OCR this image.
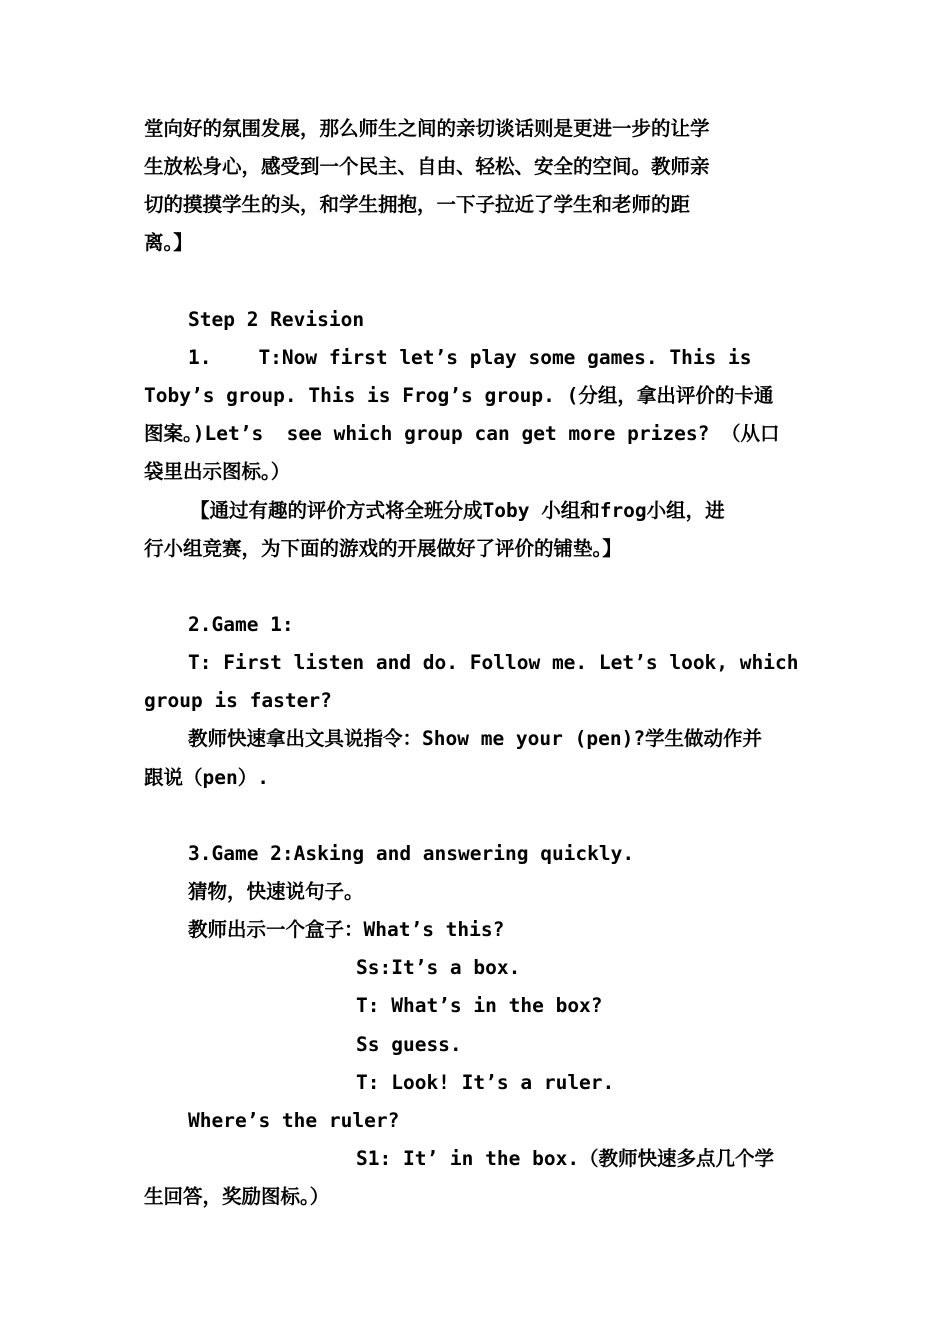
堂向好的氛围发展，那么师生之间的亲切谈话则是更进一步的让学
生放松身心，感受到一个民主、自由、轻松、安全的空间。教师亲
切的摸摸学生的头，和学生拥抱，一下子拉近了学生和老师的距
离。】
Step 2 Revision
1.    T:Now first let’s play some games. This is
Toby’s group. This is Frog’s group. (分组，拿出评价的卡通
图案。)Let’s  see which group can get more prizes? （从口
袋里出示图标。）
【通过有趣的评价方式将全班分成Toby 小组和frog小组，进
行小组竞赛，为下面的游戏的开展做好了评价的铺垫。】
2.Game 1:
T: First listen and do. Follow me. Let’s look, which
group is faster?
教师快速拿出文具说指令：Show me your (pen)?学生做动作并
跟说（pen）.
3.Game 2:Asking and answering quickly.
猜物，快速说句子。
教师出示一个盒子：What’s this?
Ss:It’s a box.
T: What’s in the box?
Ss guess.
T: Look! It’s a ruler.
Where’s the ruler?
S1: It’ in the box.（教师快速多点几个学
生回答，奖励图标。）
